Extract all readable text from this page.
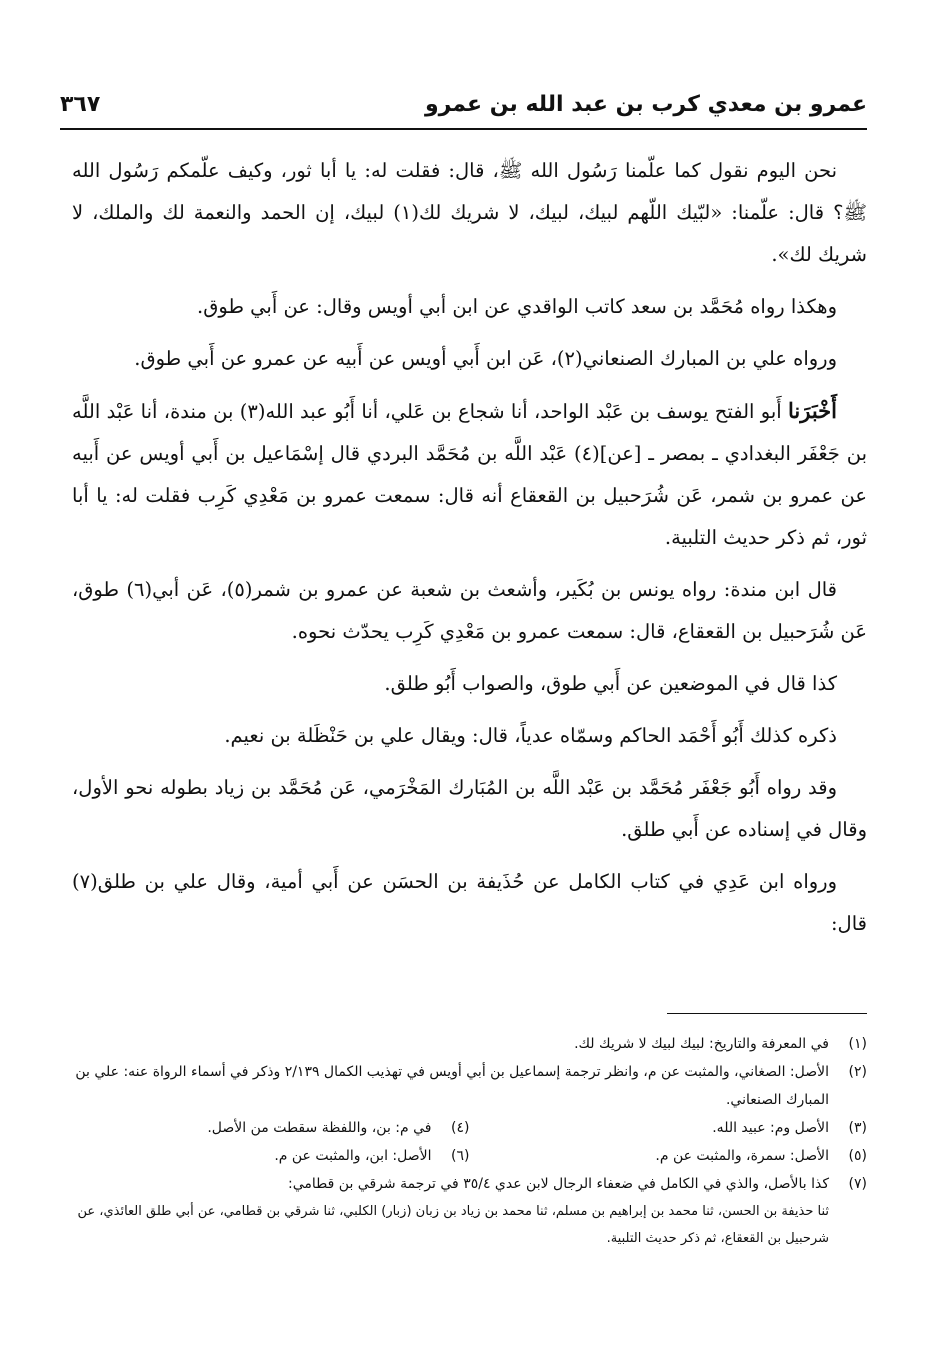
عمرو بن معدي كرب بن عبد الله بن عمرو
٣٦٧

نحن اليوم نقول كما علّمنا رَسُول الله ﷺ، قال: فقلت له: يا أبا ثور، وكيف علّمكم رَسُول الله ﷺ؟ قال: علّمنا: «لبّيك اللّهم لبيك، لبيك، لا شريك لك(١) لبيك، إن الحمد والنعمة لك والملك، لا شريك لك».

وهكذا رواه مُحَمَّد بن سعد كاتب الواقدي عن ابن أبي أويس وقال: عن أَبي طوق.

ورواه علي بن المبارك الصنعاني(٢)، عَن ابن أَبي أويس عن أَبيه عن عمرو عن أَبي طوق.

أَخْبَرَنا أَبو الفتح يوسف بن عَبْد الواحد، أنا شجاع بن عَلي، أنا أَبُو عبد الله(٣) بن مندة، أنا عَبْد اللَّه بن جَعْفَر البغدادي ـ بمصر ـ [عن](٤) عَبْد اللَّه بن مُحَمَّد البردي قال إسْمَاعيل بن أَبي أويس عن أَبيه عن عمرو بن شمر، عَن شُرَحبيل بن القعقاع أنه قال: سمعت عمرو بن مَعْدِي كَرِب فقلت له: يا أبا ثور، ثم ذكر حديث التلبية.

قال ابن مندة: رواه يونس بن بُكَير، وأشعث بن شعبة عن عمرو بن شمر(٥)، عَن أبي(٦) طوق، عَن شُرَحبيل بن القعقاع، قال: سمعت عمرو بن مَعْدِي كَرِب يحدّث نحوه.

كذا قال في الموضعين عن أَبي طوق، والصواب أَبُو طلق.

ذكره كذلك أَبُو أَحْمَد الحاكم وسمّاه عدياً، قال: ويقال علي بن حَنْظَلة بن نعيم.

وقد رواه أَبُو جَعْفَر مُحَمَّد بن عَبْد اللَّه بن المُبَارك المَخْرَمي، عَن مُحَمَّد بن زياد بطوله نحو الأول، وقال في إسناده عن أَبي طلق.

ورواه ابن عَدِي في كتاب الكامل عن حُذَيفة بن الحسَن عن أَبي أمية، وقال علي بن طلق(٧) قال:

(١)
في المعرفة والتاريخ: لبيك لبيك لا شريك لك.
(٢)
الأصل: الصغاني، والمثبت عن م، وانظر ترجمة إسماعيل بن أبي أويس في تهذيب الكمال ٢/١٣٩ وذكر في أسماء الرواة عنه: علي بن المبارك الصنعاني.
(٣)
الأصل وم: عبيد الله.
(٤)
في م: بن، واللفظة سقطت من الأصل.
(٥)
الأصل: سمرة، والمثبت عن م.
(٦)
الأصل: ابن، والمثبت عن م.
(٧)
كذا بالأصل، والذي في الكامل في ضعفاء الرجال لابن عدي ٣٥/٤ في ترجمة شرقي بن قطامي:
ثنا حذيفة بن الحسن، ثنا محمد بن إبراهيم بن مسلم، ثنا محمد بن زياد بن زبان (زبار) الكلبي، ثنا شرقي بن قطامي، عن أبي طلق العائذي، عن شرحبيل بن القعقاع، ثم ذكر حديث التلبية.
